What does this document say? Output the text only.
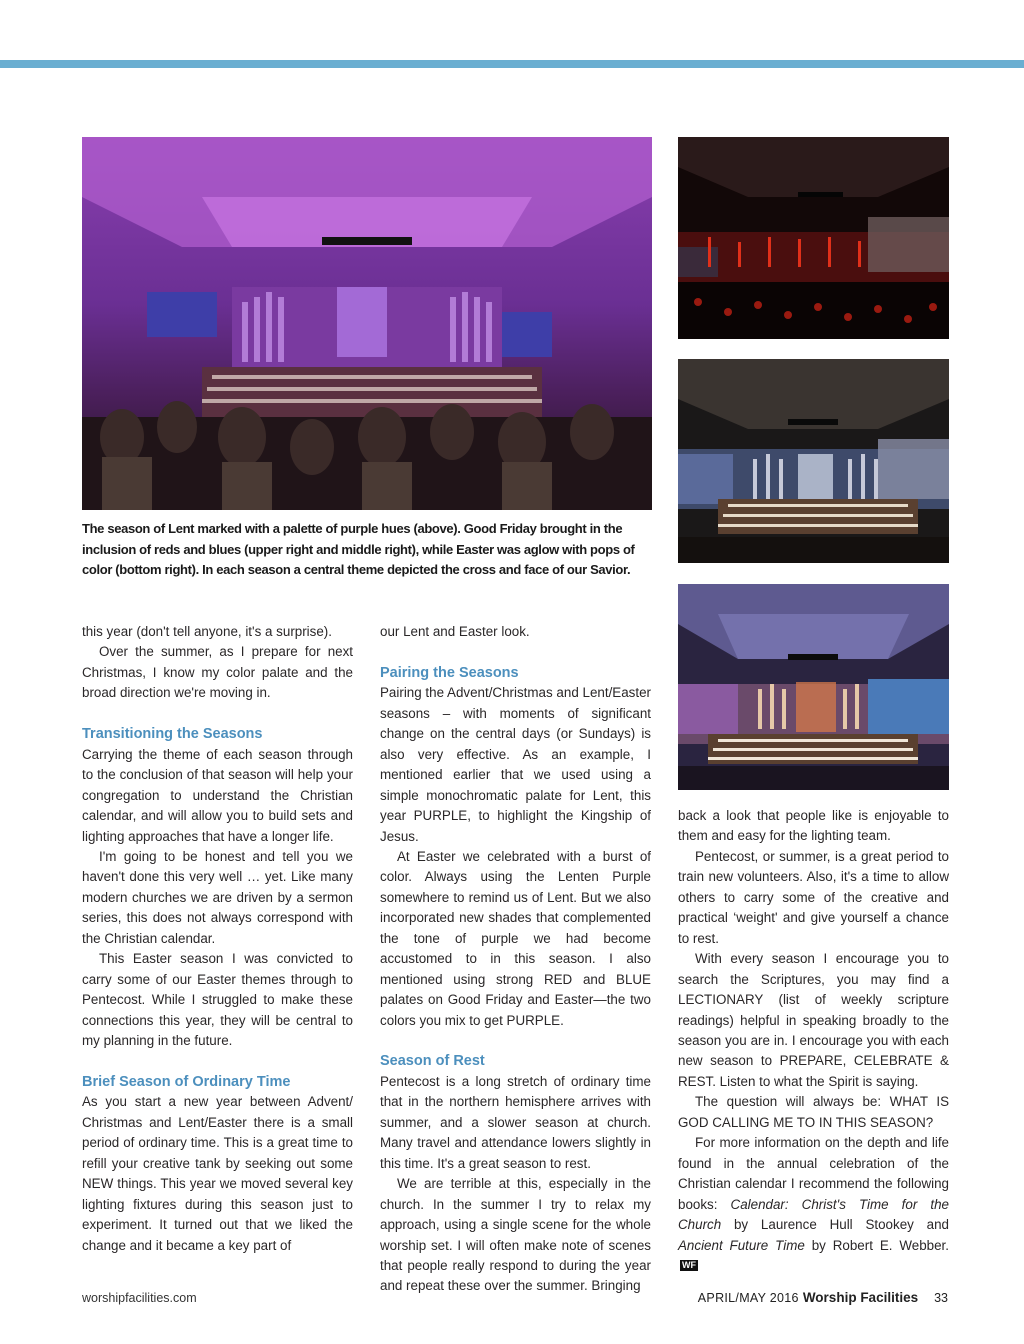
The season of Lent marked with a palette of purple hues (above). Good Friday brought in the inclusion of reds and blues (upper right and middle right), while Easter was aglow with pops of color (bottom right). In each season a central theme depicted the cross and face of our Savior.

this year (don't tell anyone, it's a surprise).

Over the summer, as I prepare for next Christmas, I know my color palate and the broad direction we're moving in.

Transitioning the Seasons

Carrying the theme of each season through to the conclusion of that season will help your congregation to understand the Christian calendar, and will allow you to build sets and lighting approaches that have a longer life.

I'm going to be honest and tell you we haven't done this very well … yet. Like many modern churches we are driven by a sermon series, this does not always correspond with the Christian calendar.

This Easter season I was convicted to carry some of our Easter themes through to Pentecost. While I struggled to make these connections this year, they will be central to my planning in the future.

Brief Season of Ordinary Time

As you start a new year between Advent/ Christmas and Lent/Easter there is a small period of ordinary time. This is a great time to refill your creative tank by seeking out some NEW things. This year we moved several key lighting fixtures during this season just to experiment. It turned out that we liked the change and it became a key part of

our Lent and Easter look.

Pairing the Seasons

Pairing the Advent/Christmas and Lent/Easter seasons – with moments of significant change on the central days (or Sundays) is also very effective. As an example, I mentioned earlier that we used using a simple monochromatic palate for Lent, this year PURPLE, to highlight the Kingship of Jesus.

At Easter we celebrated with a burst of color. Always using the Lenten Purple somewhere to remind us of Lent. But we also incorporated new shades that complemented the tone of purple we had become accustomed to in this season. I also mentioned using strong RED and BLUE palates on Good Friday and Easter—the two colors you mix to get PURPLE.

Season of Rest

Pentecost is a long stretch of ordinary time that in the northern hemisphere arrives with summer, and a slower season at church. Many travel and attendance lowers slightly in this time. It's a great season to rest.

We are terrible at this, especially in the church. In the summer I try to relax my approach, using a single scene for the whole worship set. I will often make note of scenes that people really respond to during the year and repeat these over the summer. Bringing

back a look that people like is enjoyable to them and easy for the lighting team.

Pentecost, or summer, is a great period to train new volunteers. Also, it's a time to allow others to carry some of the creative and practical ‘weight' and give yourself a chance to rest.

With every season I encourage you to search the Scriptures, you may find a LECTIONARY (list of weekly scripture readings) helpful in speaking broadly to the season you are in. I encourage you with each new season to PREPARE, CELEBRATE & REST. Listen to what the Spirit is saying.

The question will always be: WHAT IS GOD CALLING ME TO IN THIS SEASON?

For more information on the depth and life found in the annual celebration of the Christian calendar I recommend the following books: Calendar: Christ's Time for the Church by Laurence Hull Stookey and Ancient Future Time by Robert E. Webber.WF

worshipfacilities.com	APRIL/MAY 2016 Worship Facilities 33
